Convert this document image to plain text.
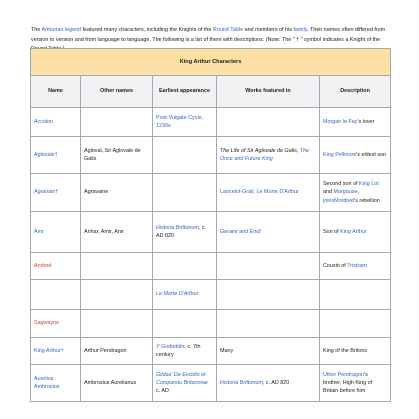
The Arthurian legend featured many characters, including the Knights of the Round Table and members of his family. Their names often differed from version to version and from language to language. The following is a list of them with descriptions. (Note: The " † " symbol indicates a Knight of the

King Arthur Characters				
Name	Other names	Earliest appearance	Works featured in	Description
Accolon		Post-Vulgate Cycle, 1230s		Morgan le Fay's lover
Aglovale†	Agloval, Sir Aglovale de Galis		The Life of Sir Aglovale de Galis, The Once and Future King	King Pellinore's eldest son
Agravain†	Agravaine		Lancelot-Grail, Le Morte D'Arthur	Second son of King Lot and Morgause, joinsMordred's rebellion
Amr	Anhar, Amir, Anir	Historia Brittonum, c. AD 820	Geraint and Enid	Son of King Arthur
Andred				Cousin of Tristram
		Le Morte D'Arthur		
Sagwayne				
King Arthur†	Arthur Pendragon	Y Gododdin, c. 7th century	Many	King of the Britons
Aurelius Ambrosius	Ambrosius Aurelianus	Gildas' De Excidio et Conquestu Britanniae c. AD	Historia Brittonum, c. AD 820	Uther Pendragon's brother, High King of Britain before him
